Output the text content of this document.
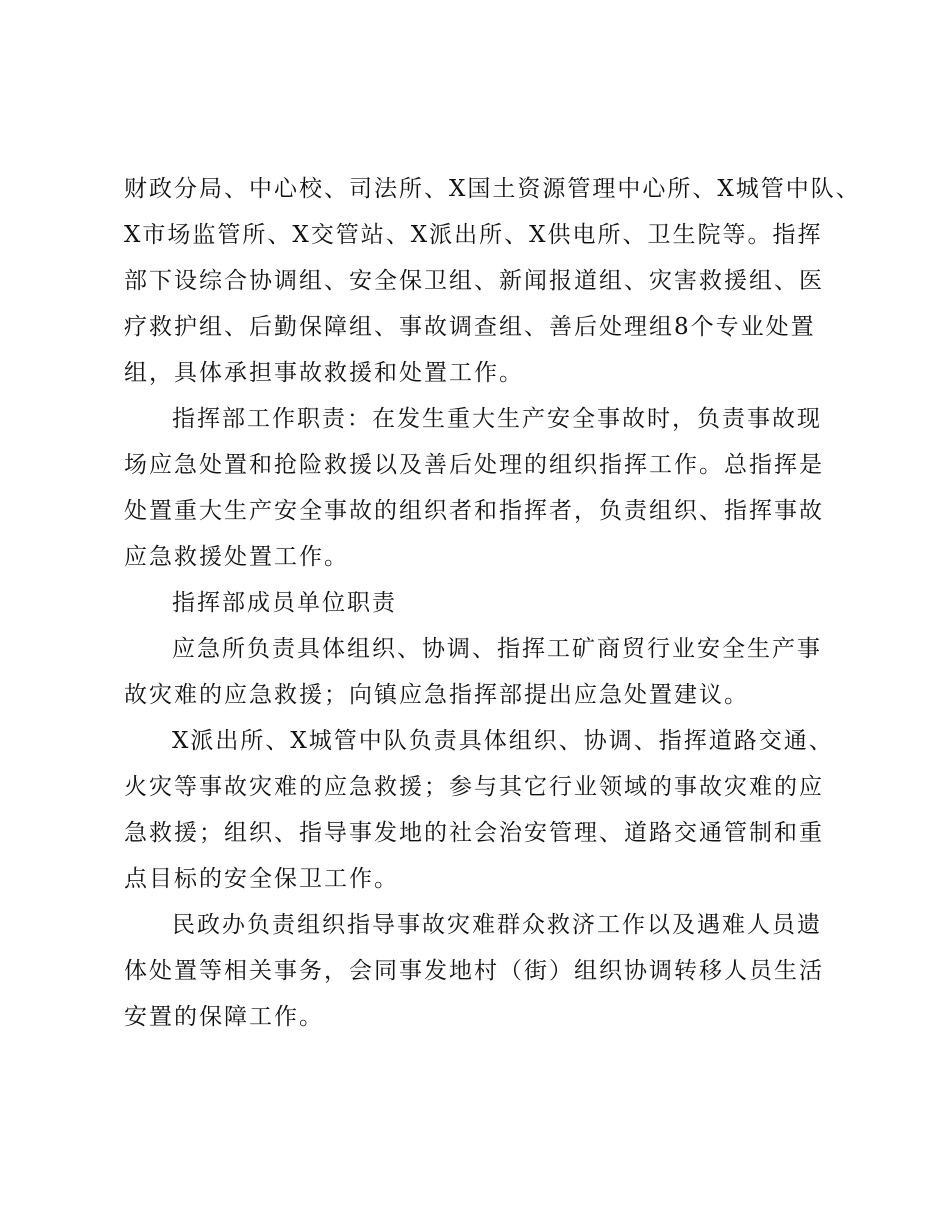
财政分局、中心校、司法所、X国土资源管理中心所、X城管中队、
X市场监管所、X交管站、X派出所、X供电所、卫生院等。指挥
部下设综合协调组、安全保卫组、新闻报道组、灾害救援组、医
疗救护组、后勤保障组、事故调查组、善后处理组8个专业处置
组，具体承担事故救援和处置工作。
指挥部工作职责：在发生重大生产安全事故时，负责事故现
场应急处置和抢险救援以及善后处理的组织指挥工作。总指挥是
处置重大生产安全事故的组织者和指挥者，负责组织、指挥事故
应急救援处置工作。
指挥部成员单位职责
应急所负责具体组织、协调、指挥工矿商贸行业安全生产事
故灾难的应急救援；向镇应急指挥部提出应急处置建议。
X派出所、X城管中队负责具体组织、协调、指挥道路交通、
火灾等事故灾难的应急救援；参与其它行业领域的事故灾难的应
急救援；组织、指导事发地的社会治安管理、道路交通管制和重
点目标的安全保卫工作。
民政办负责组织指导事故灾难群众救济工作以及遇难人员遗
体处置等相关事务，会同事发地村（街）组织协调转移人员生活
安置的保障工作。
